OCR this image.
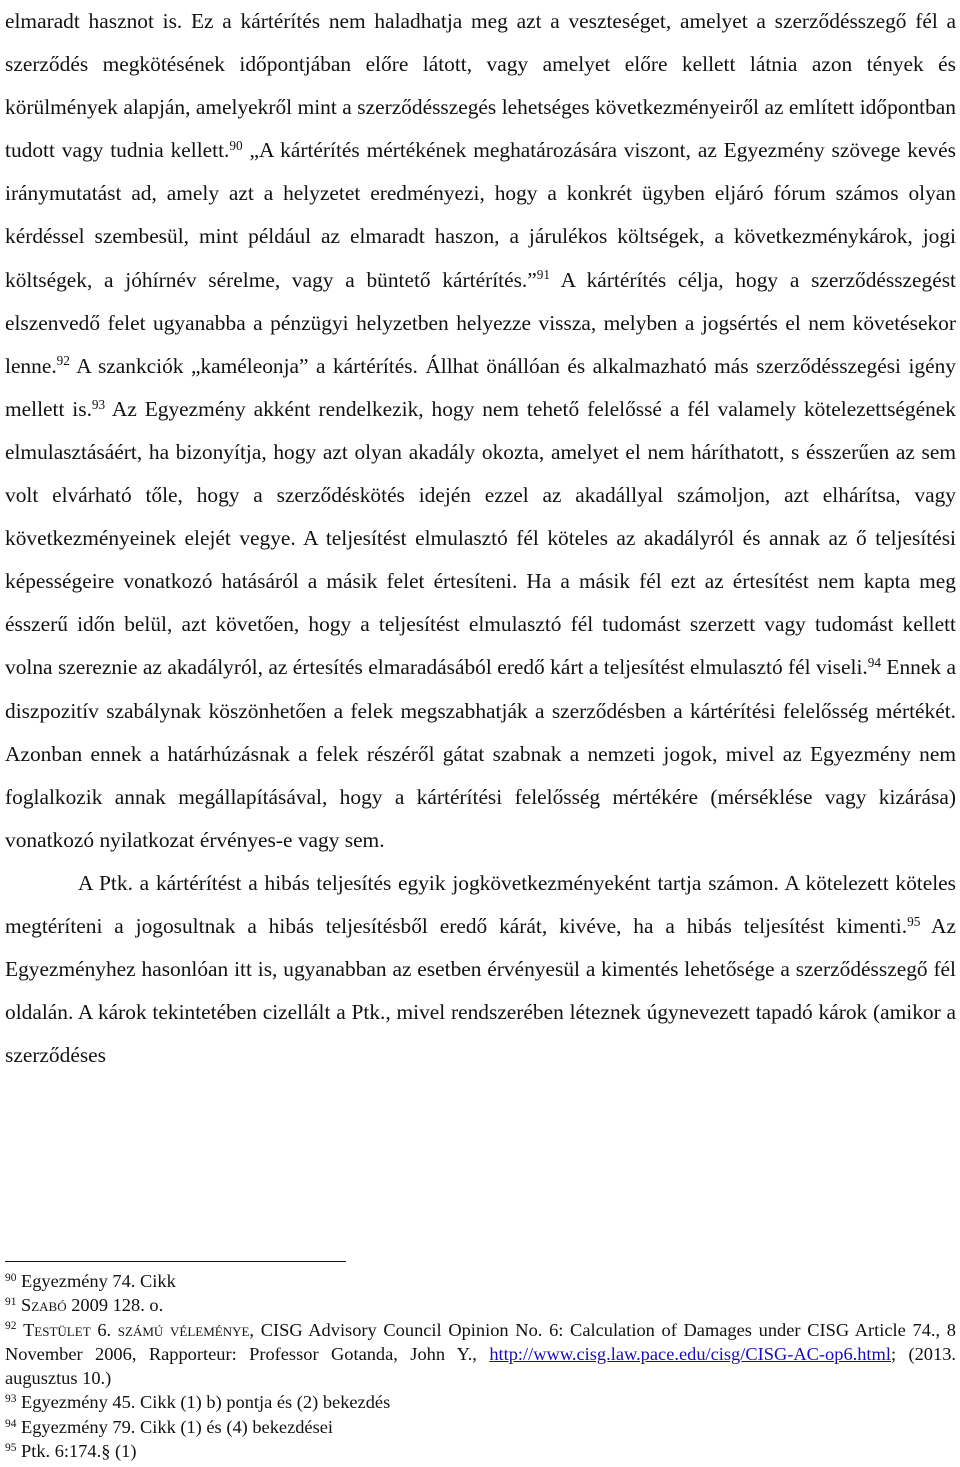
elmaradt hasznot is. Ez a kártérítés nem haladhatja meg azt a veszteséget, amelyet a szerződésszegő fél a szerződés megkötésének időpontjában előre látott, vagy amelyet előre kellett látnia azon tények és körülmények alapján, amelyekről mint a szerződésszegés lehetséges következményeiről az említett időpontban tudott vagy tudnia kellett.$^{90}$ „A kártérítés mértékének meghatározására viszont, az Egyezmény szövege kevés iránymutatást ad, amely azt a helyzetet eredményezi, hogy a konkrét ügyben eljáró fórum számos olyan kérdéssel szembesül, mint például az elmaradt haszon, a járulékos költségek, a következménykárok, jogi költségek, a jóhírnév sérelme, vagy a büntető kártérítés.”$^{91}$ A kártérítés célja, hogy a szerződésszegést elszenvedő felet ugyanabba a pénzügyi helyzetben helyezze vissza, melyben a jogsértés el nem követésekor lenne.$^{92}$ A szankciók „kaméleonja” a kártérítés. Állhat önállóan és alkalmazható más szerződésszegési igény mellett is.$^{93}$ Az Egyezmény akként rendelkezik, hogy nem tehető felelőssé a fél valamely kötelezettségének elmulasztásáért, ha bizonyítja, hogy azt olyan akadály okozta, amelyet el nem háríthatott, s ésszerűen az sem volt elvárható tőle, hogy a szerződéskötés idején ezzel az akadállyal számoljon, azt elhárítsa, vagy következményeinek elejét vegye. A teljesítést elmulasztó fél köteles az akadályról és annak az ő teljesítési képességeire vonatkozó hatásáról a másik felet értesíteni. Ha a másik fél ezt az értesítést nem kapta meg ésszerű időn belül, azt követően, hogy a teljesítést elmulasztó fél tudomást szerzett vagy tudomást kellett volna szereznie az akadályról, az értesítés elmaradásából eredő kárt a teljesítést elmulasztó fél viseli.$^{94}$ Ennek a diszpozitív szabálynak köszönhetően a felek megszabhatják a szerződésben a kártérítési felelősség mértékét. Azonban ennek a határhúzásnak a felek részéről gátat szabnak a nemzeti jogok, mivel az Egyezmény nem foglalkozik annak megállapításával, hogy a kártérítési felelősség mértékére (mérséklése vagy kizárása) vonatkozó nyilatkozat érvényes-e vagy sem.

A Ptk. a kártérítést a hibás teljesítés egyik jogkövetkezményeként tartja számon. A kötelezett köteles megtéríteni a jogosultnak a hibás teljesítésből eredő kárát, kivéve, ha a hibás teljesítést kimenti.$^{95}$ Az Egyezményhez hasonlóan itt is, ugyanabban az esetben érvényesül a kimentés lehetősége a szerződésszegő fél oldalán. A károk tekintetében cizellált a Ptk., mivel rendszerében léteznek úgynevezett tapadó károk (amikor a szerződéses

$^{90}$ Egyezmény 74. Cikk

$^{91}$ Szabó 2009 128. o.

$^{92}$ Testület 6. számú véleménye, CISG Advisory Council Opinion No. 6: Calculation of Damages under CISG Article 74., 8 November 2006, Rapporteur: Professor Gotanda, John Y., http://www.cisg.law.pace.edu/cisg/CISG-AC-op6.html; (2013. augusztus 10.)

$^{93}$ Egyezmény 45. Cikk (1) b) pontja és (2) bekezdés

$^{94}$ Egyezmény 79. Cikk (1) és (4) bekezdései

$^{95}$ Ptk. 6:174.§ (1)
